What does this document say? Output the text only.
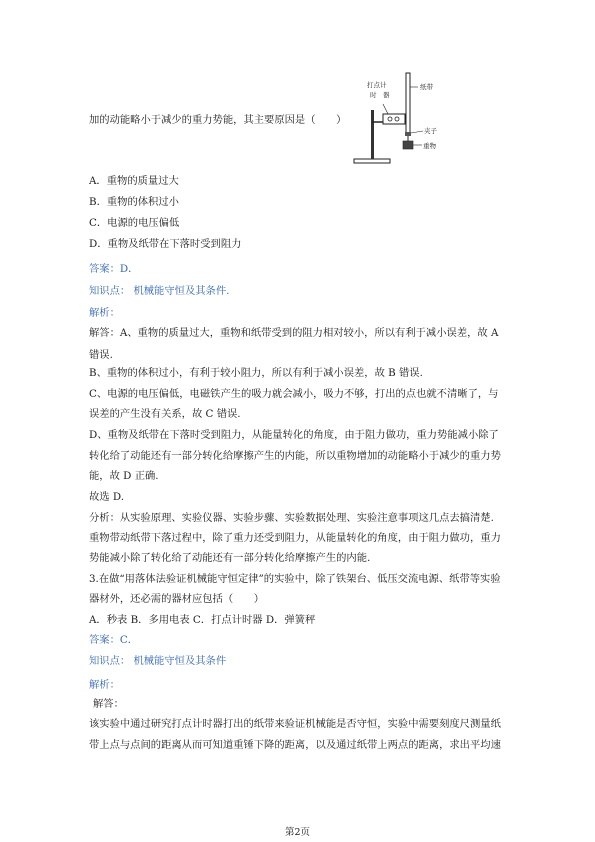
打点计
时　器
纸带
夹子
重物
加的动能略小于减少的重力势能，其主要原因是（　　）
A．重物的质量过大
B．重物的体积过小
C．电源的电压偏低
D．重物及纸带在下落时受到阻力
答案：D．
知识点： 机械能守恒及其条件.
解析：
解答：A、重物的质量过大，重物和纸带受到的阻力相对较小，所以有利于减小误差，故 A
错误.
B、重物的体积过小，有利于较小阻力，所以有利于减小误差，故 B 错误.
C、电源的电压偏低，电磁铁产生的吸力就会减小，吸力不够，打出的点也就不清晰了，与
误差的产生没有关系，故 C 错误.
D、重物及纸带在下落时受到阻力，从能量转化的角度，由于阻力做功，重力势能减小除了
转化给了动能还有一部分转化给摩擦产生的内能，所以重物增加的动能略小于减少的重力势
能，故 D 正确.
故选 D.
分析：从实验原理、实验仪器、实验步骤、实验数据处理、实验注意事项这几点去搞清楚.
重物带动纸带下落过程中，除了重力还受到阻力，从能量转化的角度，由于阻力做功，重力
势能减小除了转化给了动能还有一部分转化给摩擦产生的内能.
3.在做“用落体法验证机械能守恒定律”的实验中，除了铁架台、低压交流电源、纸带等实验
器材外，还必需的器材应包括（　　）
A．秒表 B．多用电表 C．打点计时器 D．弹簧秤
答案：C．
知识点： 机械能守恒及其条件
解析：
解答：
该实验中通过研究打点计时器打出的纸带来验证机械能是否守恒，实验中需要刻度尺测量纸
带上点与点间的距离从而可知道重锤下降的距离，以及通过纸带上两点的距离，求出平均速
第2页
